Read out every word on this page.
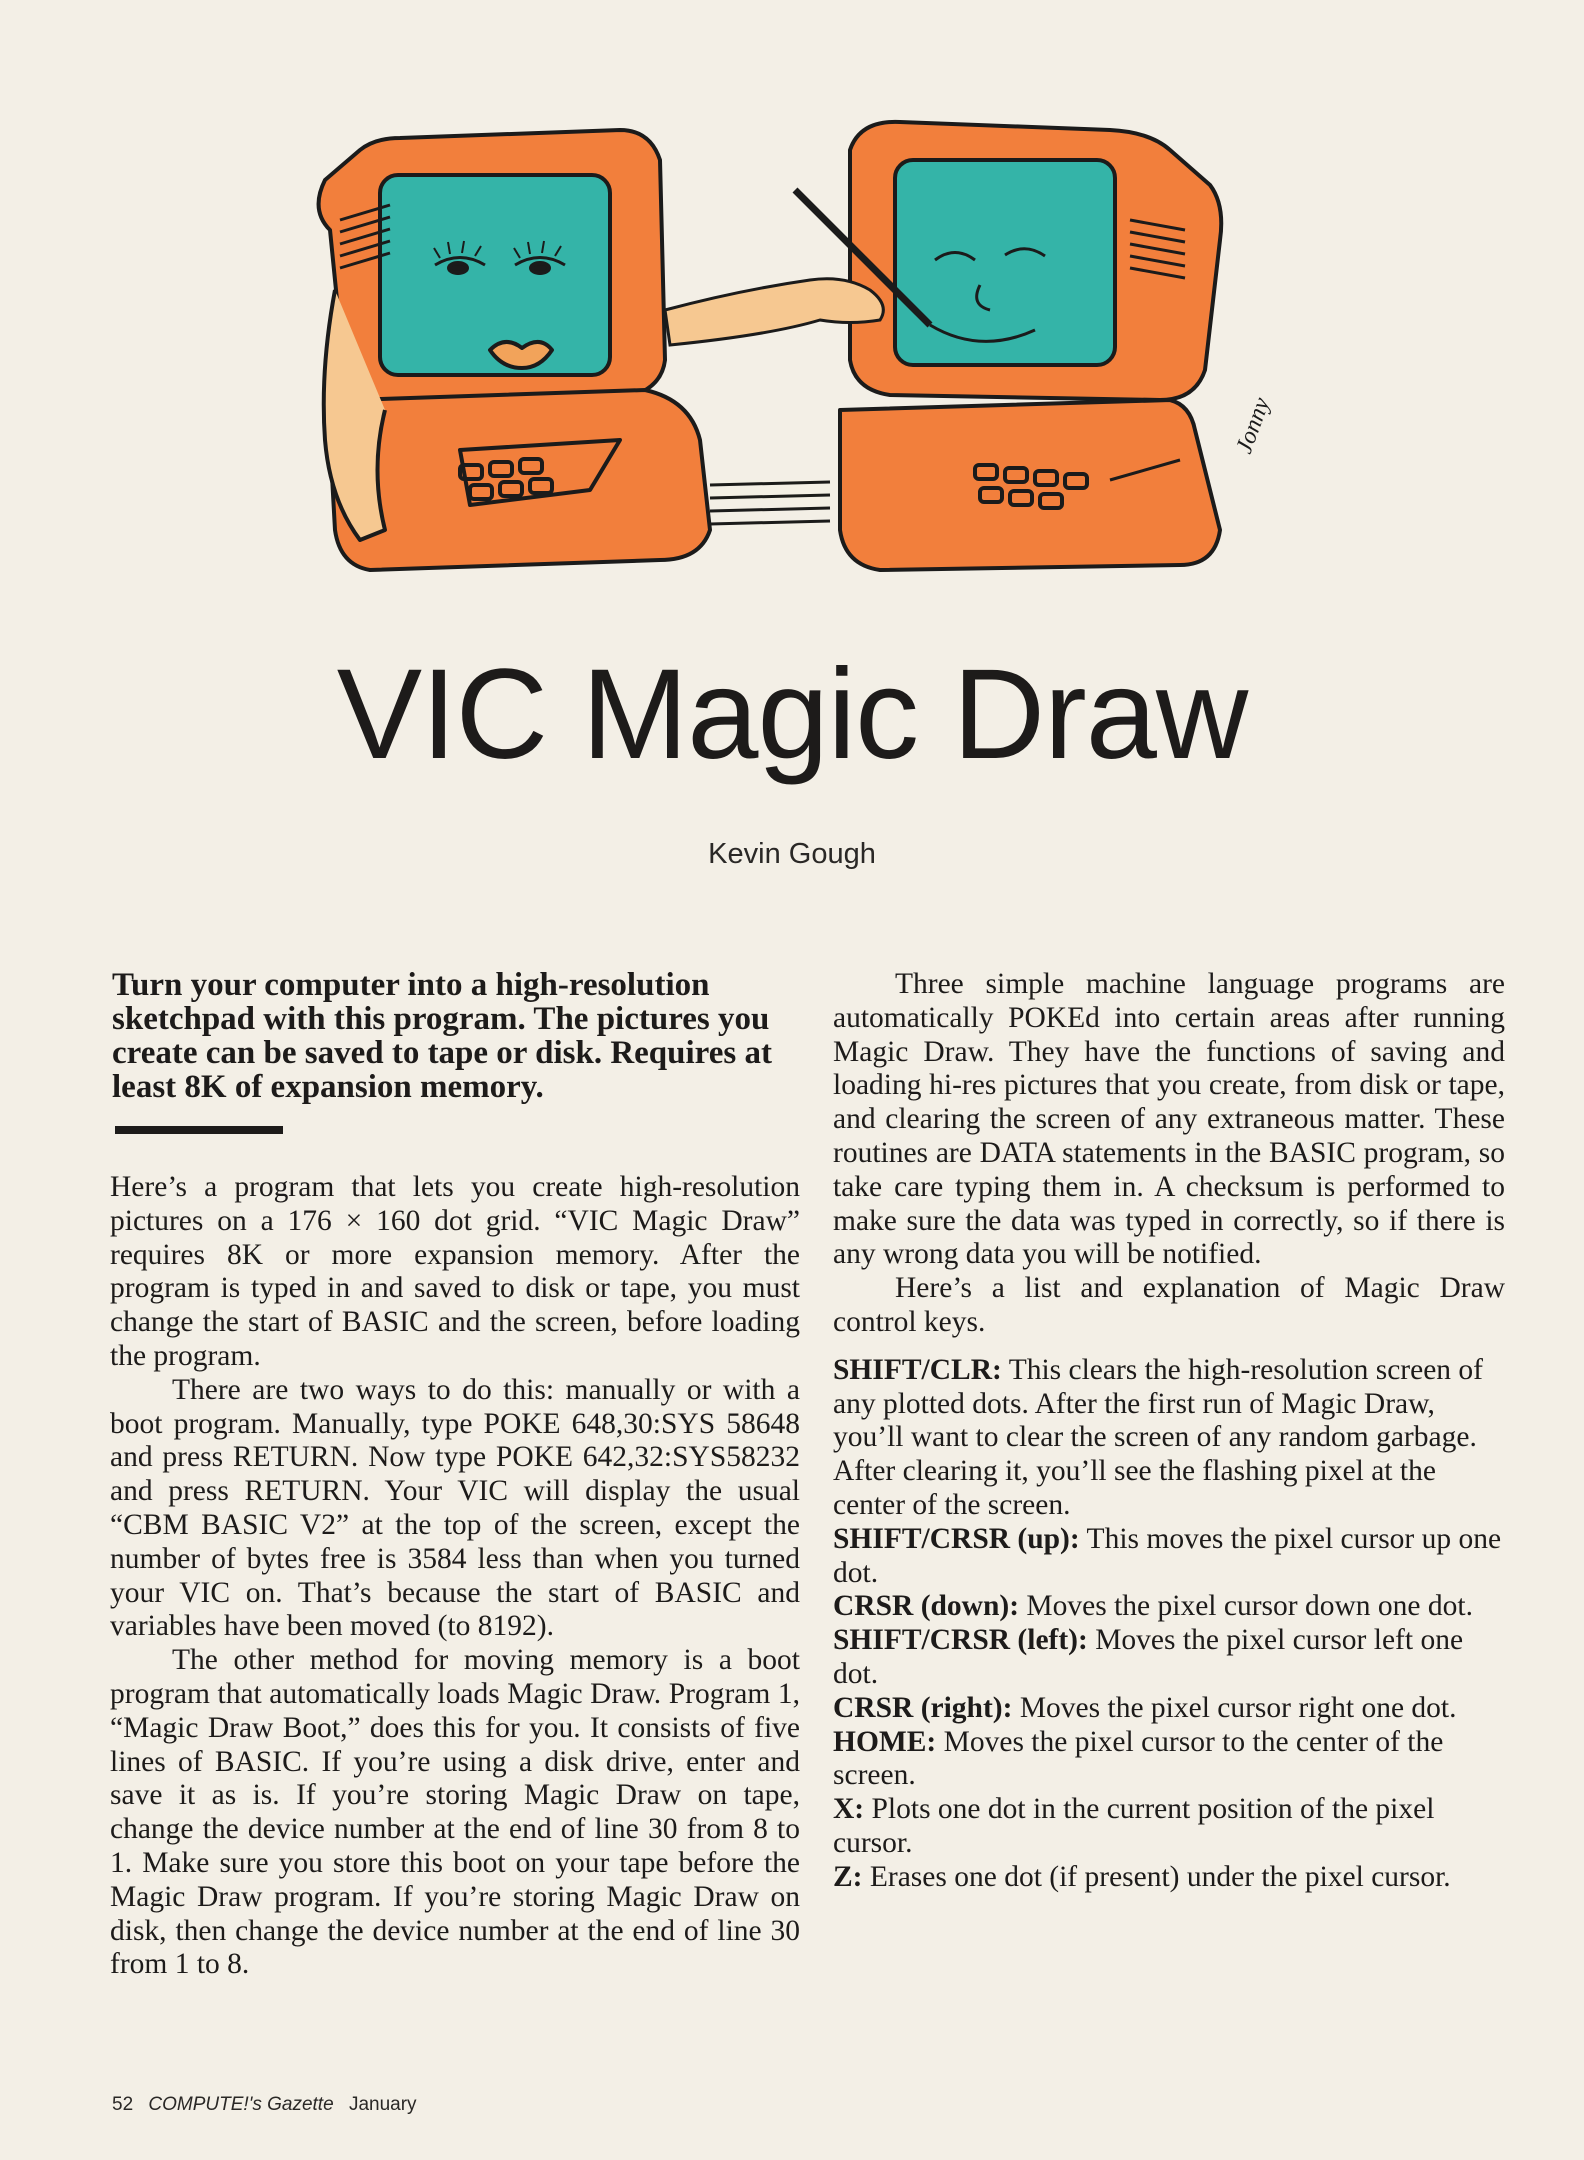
Jonny
VIC Magic Draw
Kevin Gough
Turn your computer into a high-resolution sketchpad with this program. The pictures you create can be saved to tape or disk. Requires at least 8K of expansion memory.

Here’s a program that lets you create high-resolution pictures on a 176 × 160 dot grid. “VIC Magic Draw” requires 8K or more expansion memory. After the program is typed in and saved to disk or tape, you must change the start of BASIC and the screen, before loading the program.

There are two ways to do this: manually or with a boot program. Manually, type POKE 648,30:SYS 58648 and press RETURN. Now type POKE 642,32:SYS58232 and press RETURN. Your VIC will display the usual “CBM BASIC V2” at the top of the screen, except the number of bytes free is 3584 less than when you turned your VIC on. That’s because the start of BASIC and variables have been moved (to 8192).

The other method for moving memory is a boot program that automatically loads Magic Draw. Program 1, “Magic Draw Boot,” does this for you. It consists of five lines of BASIC. If you’re using a disk drive, enter and save it as is. If you’re storing Magic Draw on tape, change the device number at the end of line 30 from 8 to 1. Make sure you store this boot on your tape before the Magic Draw program. If you’re storing Magic Draw on disk, then change the device number at the end of line 30 from 1 to 8.

Three simple machine language programs are automatically POKEd into certain areas after running Magic Draw. They have the functions of saving and loading hi-res pictures that you create, from disk or tape, and clearing the screen of any extraneous matter. These routines are DATA statements in the BASIC program, so take care typing them in. A checksum is performed to make sure the data was typed in correctly, so if there is any wrong data you will be notified.

Here’s a list and explanation of Magic Draw control keys.

SHIFT/CLR: This clears the high-resolution screen of any plotted dots. After the first run of Magic Draw, you’ll want to clear the screen of any random garbage. After clearing it, you’ll see the flashing pixel at the center of the screen.

SHIFT/CRSR (up): This moves the pixel cursor up one dot.

CRSR (down): Moves the pixel cursor down one dot.

SHIFT/CRSR (left): Moves the pixel cursor left one dot.

CRSR (right): Moves the pixel cursor right one dot.

HOME: Moves the pixel cursor to the center of the screen.

X: Plots one dot in the current position of the pixel cursor.

Z: Erases one dot (if present) under the pixel cursor.

52 COMPUTE!'s Gazette January
